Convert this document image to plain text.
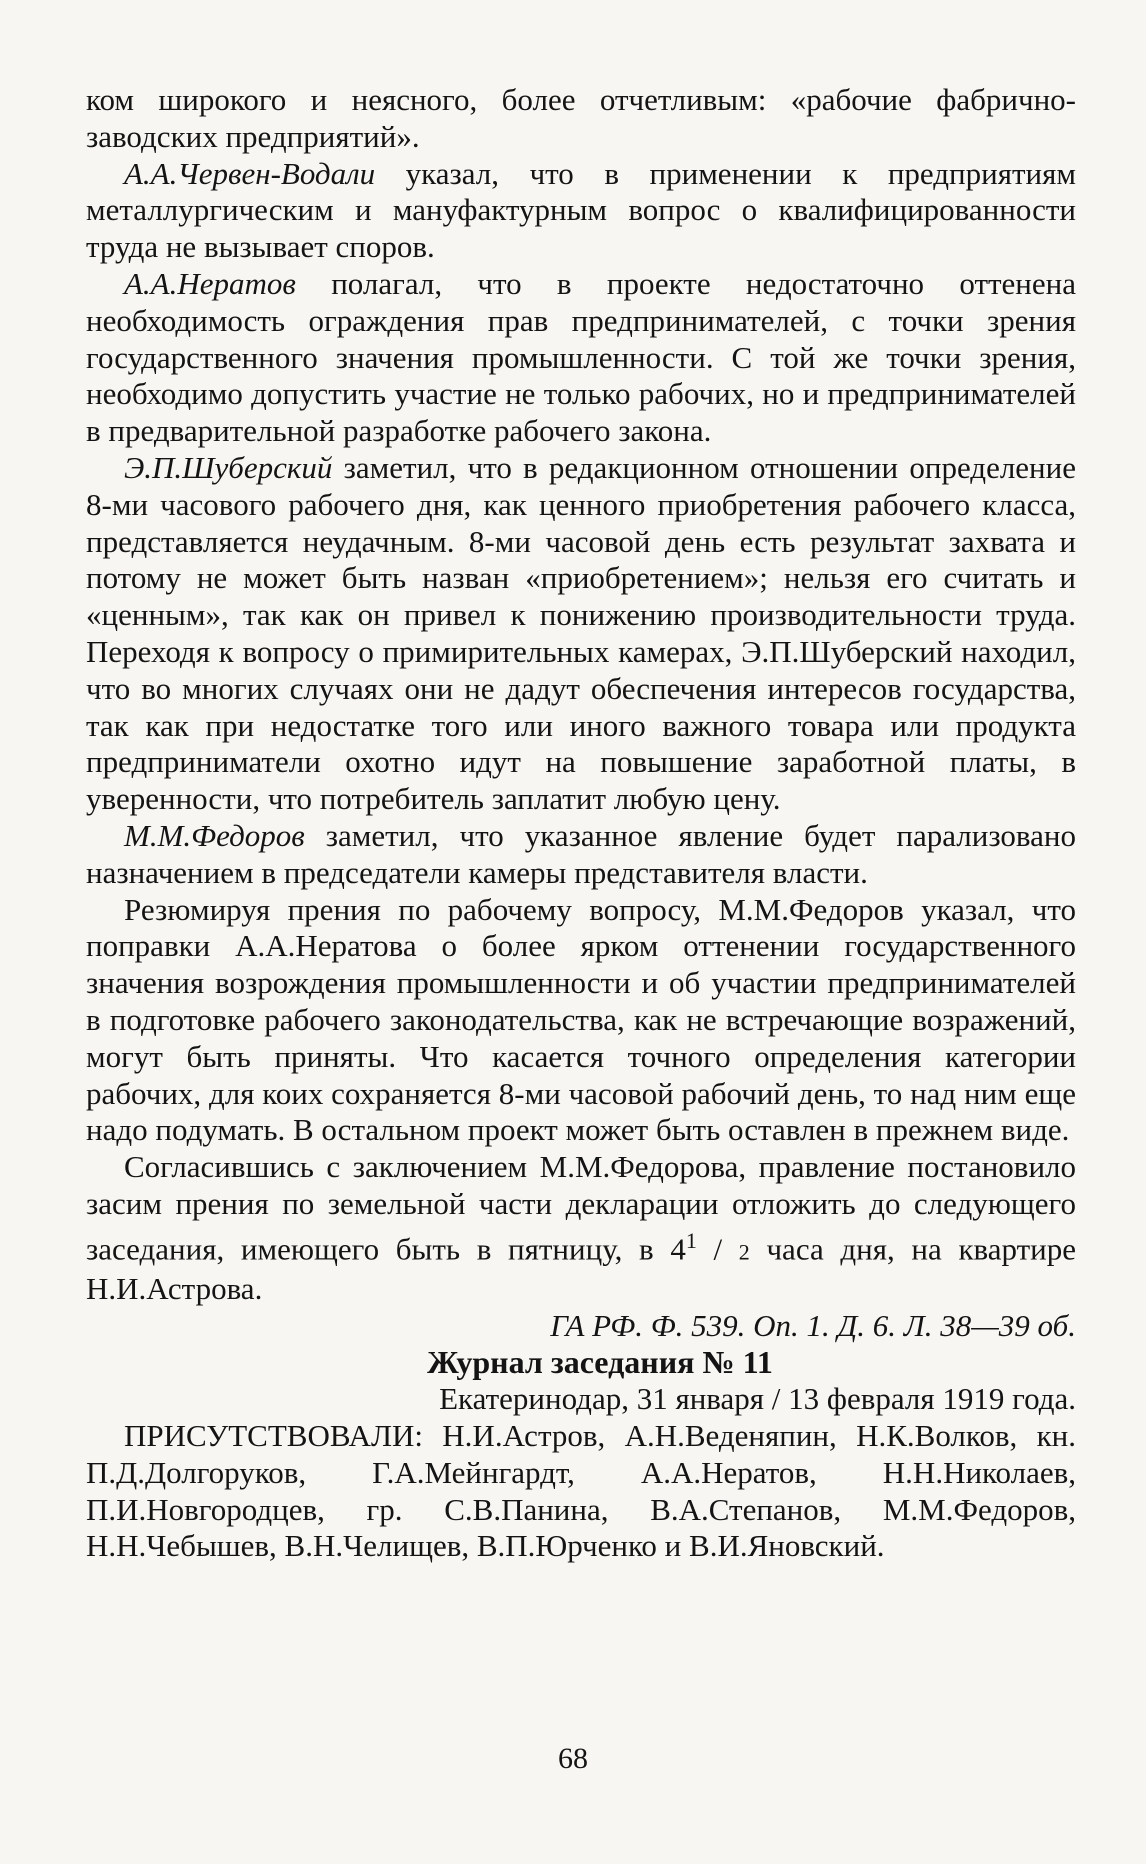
ком широкого и неясного, более отчетливым: «рабочие фабрично-заводских предприятий».

А.А.Червен-Водали указал, что в применении к предприятиям металлургическим и мануфактурным вопрос о квалифицированности труда не вызывает споров.

А.А.Нератов полагал, что в проекте недостаточно оттенена необходимость ограждения прав предпринимателей, с точки зрения государственного значения промышленности. С той же точки зрения, необходимо допустить участие не только рабочих, но и предпринимателей в предварительной разработке рабочего закона.

Э.П.Шуберский заметил, что в редакционном отношении определение 8-ми часового рабочего дня, как ценного приобретения рабочего класса, представляется неудачным. 8-ми часовой день есть результат захвата и потому не может быть назван «приобретением»; нельзя его считать и «ценным», так как он привел к понижению производительности труда. Переходя к вопросу о примирительных камерах, Э.П.Шуберский находил, что во многих случаях они не дадут обеспечения интересов государства, так как при недостатке того или иного важного товара или продукта предприниматели охотно идут на повышение заработной платы, в уверенности, что потребитель заплатит любую цену.

М.М.Федоров заметил, что указанное явление будет парализовано назначением в председатели камеры представителя власти.

Резюмируя прения по рабочему вопросу, М.М.Федоров указал, что поправки А.А.Нератова о более ярком оттенении государственного значения возрождения промышленности и об участии предпринимателей в подготовке рабочего законодательства, как не встречающие возражений, могут быть приняты. Что касается точного определения категории рабочих, для коих сохраняется 8-ми часовой рабочий день, то над ним еще надо подумать. В остальном проект может быть оставлен в прежнем виде.

Согласившись с заключением М.М.Федорова, правление постановило засим прения по земельной части декларации отложить до следующего заседания, имеющего быть в пятницу, в $4^1 / 2$ часа дня, на квартире Н.И.Астрова.

ГА РФ. Ф. 539. Оп. 1. Д. 6. Л. 38—39 об.

Журнал заседания № 11

Екатеринодар, 31 января / 13 февраля 1919 года.

ПРИСУТСТВОВАЛИ: Н.И.Астров, А.Н.Веденяпин, Н.К.Волков, кн. П.Д.Долгоруков, Г.А.Мейнгардт, А.А.Нератов, Н.Н.Николаев, П.И.Новгородцев, гр. С.В.Панина, В.А.Степанов, М.М.Федоров, Н.Н.Чебышев, В.Н.Челищев, В.П.Юрченко и В.И.Яновский.

68
